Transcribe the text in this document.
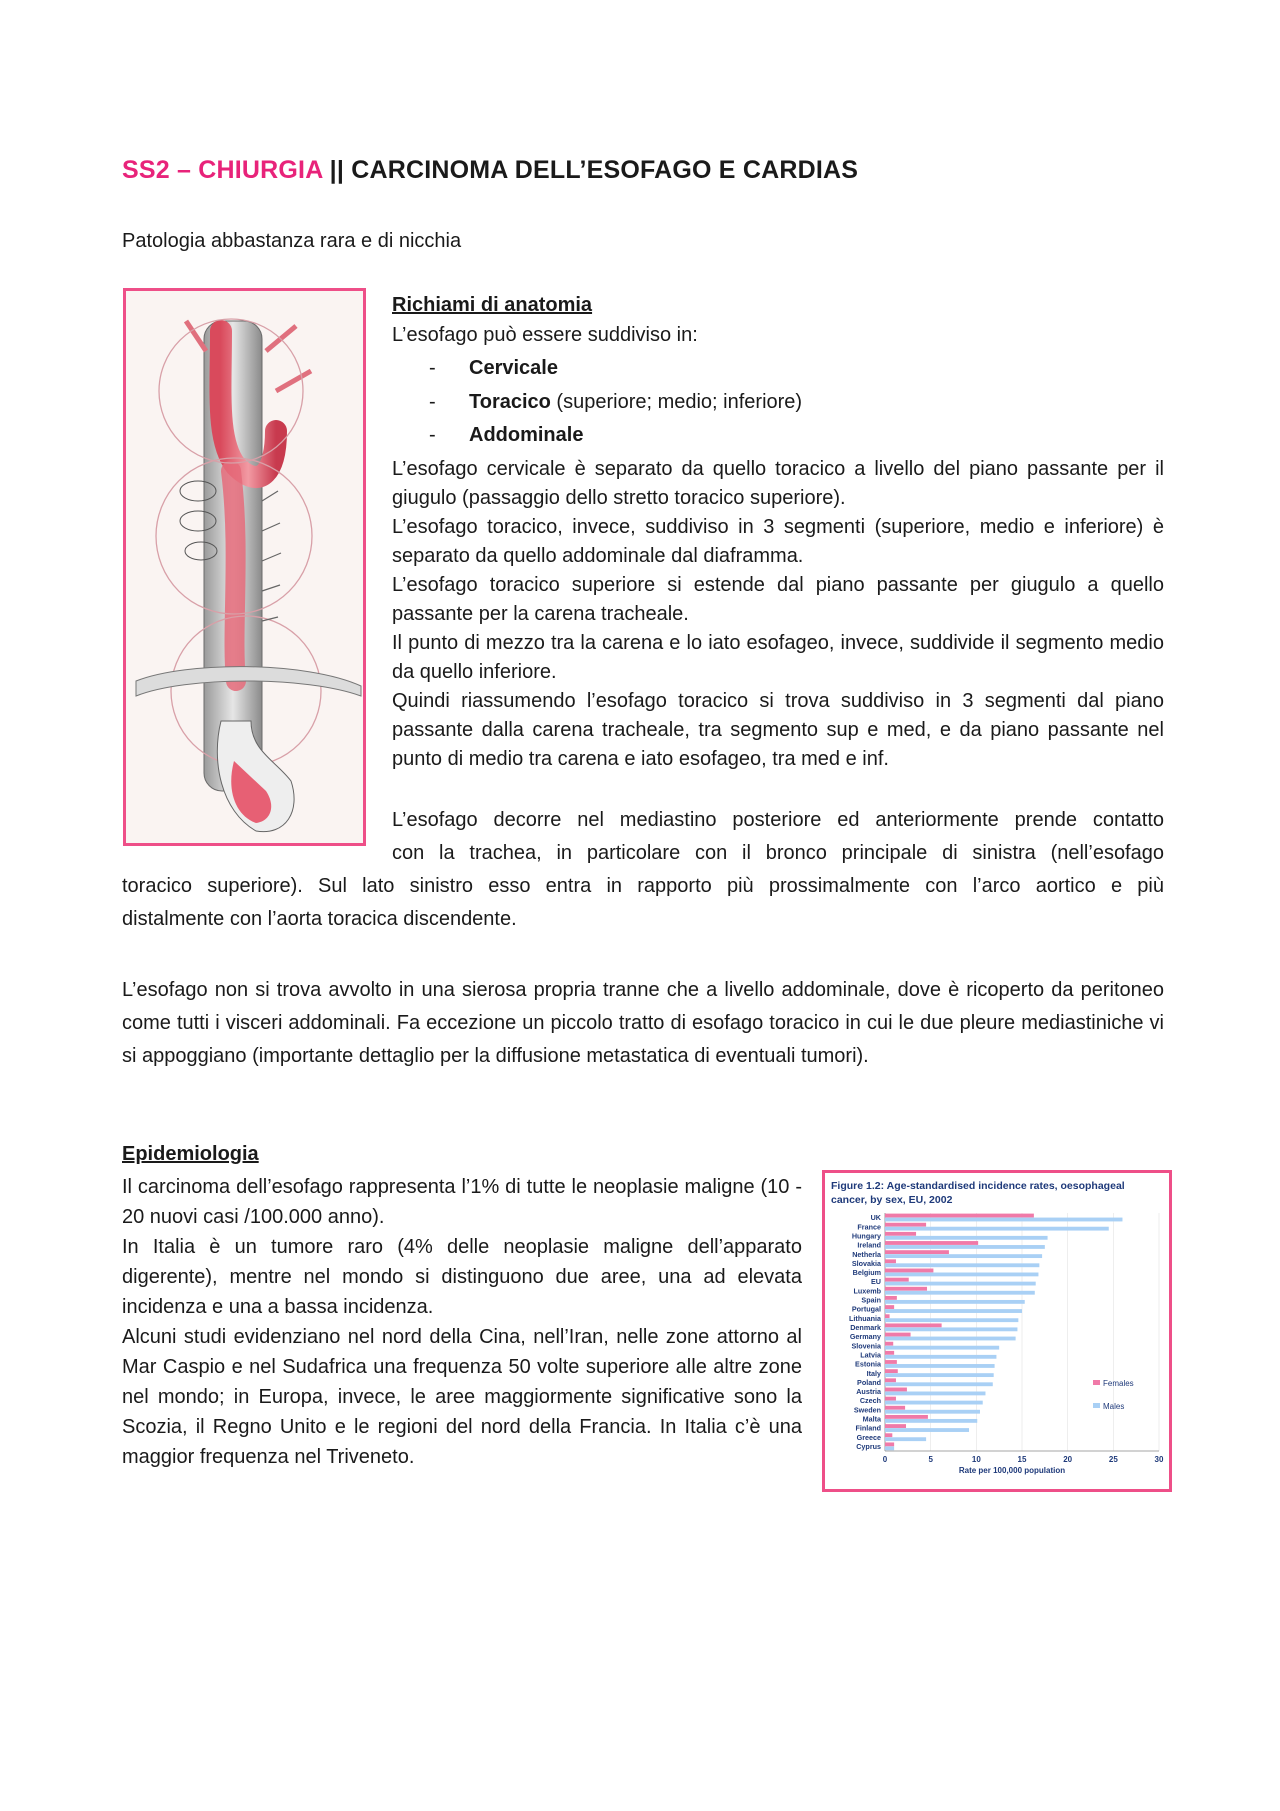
SS2 – CHIURGIA || CARCINOMA DELL’ESOFAGO E CARDIAS

Patologia abbastanza rara e di nicchia

Richiami di anatomia

L’esofago può essere suddiviso in:

- Cervicale
- Toracico (superiore; medio; inferiore)
- Addominale

L’esofago cervicale è separato da quello toracico a livello del piano passante per il giugulo (passaggio dello stretto toracico superiore).

L’esofago toracico, invece, suddiviso in 3 segmenti (superiore, medio e inferiore) è separato da quello addominale dal diaframma.

L’esofago toracico superiore si estende dal piano passante per giugulo a quello passante per la carena tracheale.

Il punto di mezzo tra la carena e lo iato esofageo, invece, suddivide il segmento medio da quello inferiore.

Quindi riassumendo l’esofago toracico si trova suddiviso in 3 segmenti dal piano passante dalla carena tracheale, tra segmento sup e med, e da piano passante nel punto di medio tra carena e iato esofageo, tra med e inf.

L’esofago decorre nel mediastino posteriore ed anteriormente prende contatto

con la trachea, in particolare con il bronco principale di sinistra (nell’esofago

toracico superiore). Sul lato sinistro esso entra in rapporto più prossimalmente con l’arco aortico e più

distalmente con l’aorta toracica discendente.

L’esofago non si trova avvolto in una sierosa propria tranne che a livello addominale, dove è ricoperto da peritoneo come tutti i visceri addominali. Fa eccezione un piccolo tratto di esofago toracico in cui le due pleure mediastiniche vi si appoggiano (importante dettaglio per la diffusione metastatica di eventuali tumori).

Epidemiologia

Il carcinoma dell’esofago rappresenta l’1% di tutte le neoplasie maligne (10 - 20 nuovi casi /100.000 anno).

In Italia è un tumore raro (4% delle neoplasie maligne dell’apparato digerente), mentre nel mondo si distinguono due aree, una ad elevata incidenza e una a bassa incidenza.

Alcuni studi evidenziano nel nord della Cina, nell’Iran, nelle zone attorno al Mar Caspio e nel Sudafrica una frequenza 50 volte superiore alle altre zone nel mondo; in Europa, invece, le aree maggiormente significative sono la Scozia, il Regno Unito e le regioni del nord della Francia. In Italia c’è una maggior frequenza nel Triveneto.

Figure 1.2: Age-standardised incidence rates, oesophageal
cancer, by sex, EU, 2002
UK
France
Hungary
Ireland
Netherla
Slovakia
Belgium
EU
Luxemb
Spain
Portugal
Lithuania
Denmark
Germany
Slovenia
Latvia
Estonia
Italy
Poland
Austria
Czech
Sweden
Malta
Finland
Greece
Cyprus
0	5	10	15	20	25	30
Rate per 100,000 population
Females
Males
